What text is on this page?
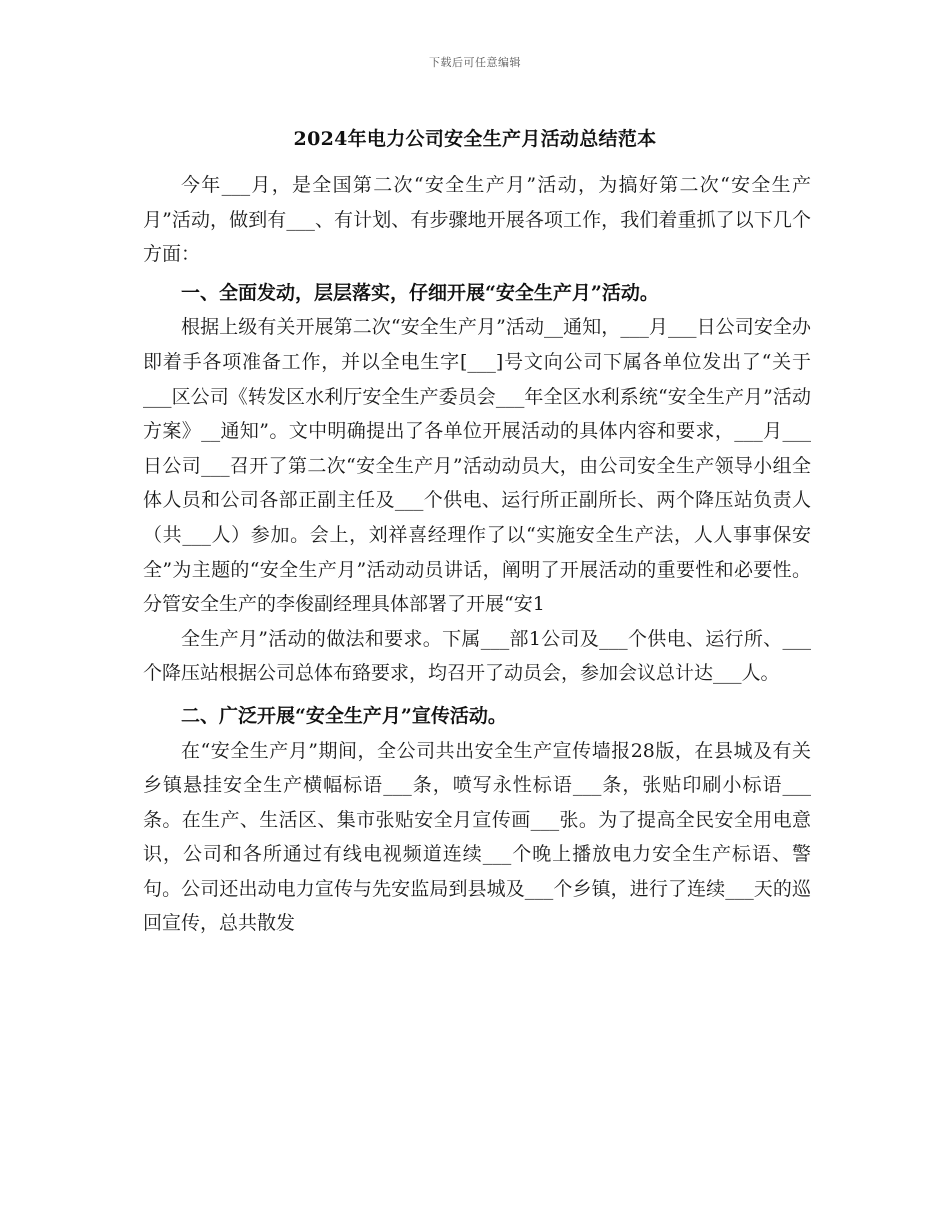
下载后可任意编辑
2024年电力公司安全生产月活动总结范本

今年___月，是全国第二次“安全生产月”活动，为搞好第二次“安全生产月”活动，做到有___、有计划、有步骤地开展各项工作，我们着重抓了以下几个方面：

一、全面发动，层层落实，仔细开展“安全生产月”活动。

根据上级有关开展第二次“安全生产月”活动__通知，___月___日公司安全办即着手各项准备工作，并以全电生字[___]号文向公司下属各单位发出了“关于___区公司《转发区水利厅安全生产委员会___年全区水利系统“安全生产月”活动方案》__通知”。文中明确提出了各单位开展活动的具体内容和要求，___月___日公司___召开了第二次“安全生产月”活动动员大，由公司安全生产领导小组全体人员和公司各部正副主任及___个供电、运行所正副所长、两个降压站负责人（共___人）参加。会上，刘祥喜经理作了以“实施安全生产法，人人事事保安全”为主题的“安全生产月”活动动员讲话，阐明了开展活动的重要性和必要性。分管安全生产的李俊副经理具体部署了开展“安1

全生产月”活动的做法和要求。下属___部1公司及___个供电、运行所、___个降压站根据公司总体布臵要求，均召开了动员会，参加会议总计达___人。

二、广泛开展“安全生产月”宣传活动。

在“安全生产月”期间，全公司共出安全生产宣传墙报28版，在县城及有关乡镇悬挂安全生产横幅标语___条，喷写永性标语___条，张贴印刷小标语___条。在生产、生活区、集市张贴安全月宣传画___张。为了提高全民安全用电意识，公司和各所通过有线电视频道连续___个晚上播放电力安全生产标语、警句。公司还出动电力宣传与先安监局到县城及___个乡镇，进行了连续___天的巡回宣传，总共散发
